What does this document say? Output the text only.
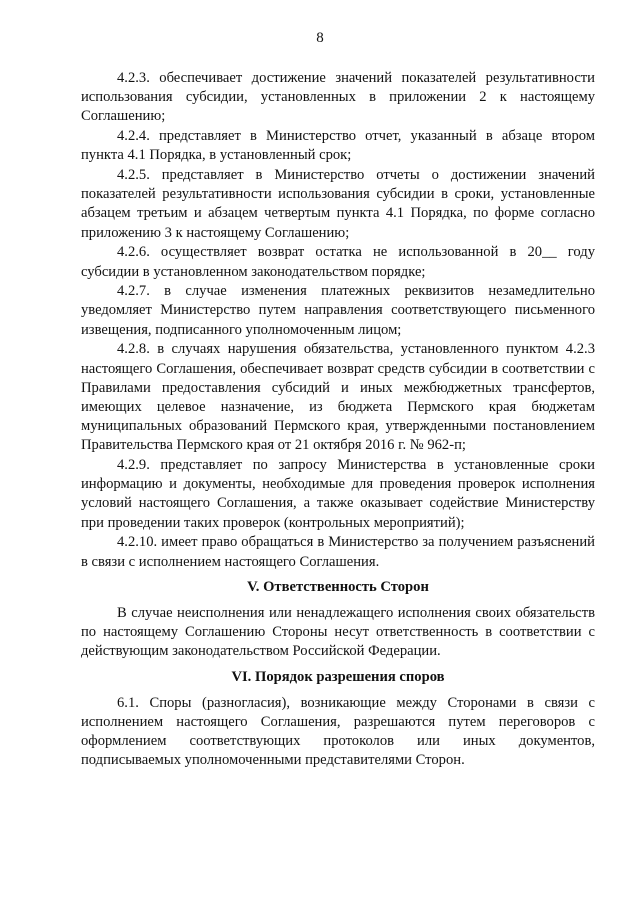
8

4.2.3. обеспечивает достижение значений показателей результативности использования субсидии, установленных в приложении 2 к настоящему Соглашению;

4.2.4. представляет в Министерство отчет, указанный в абзаце втором пункта 4.1 Порядка, в установленный срок;

4.2.5. представляет в Министерство отчеты о достижении значений показателей результативности использования субсидии в сроки, установленные абзацем третьим и абзацем четвертым пункта 4.1 Порядка, по форме согласно приложению 3 к настоящему Соглашению;

4.2.6. осуществляет возврат остатка не использованной в 20__ году субсидии в установленном законодательством порядке;

4.2.7. в случае изменения платежных реквизитов незамедлительно уведомляет Министерство путем направления соответствующего письменного извещения, подписанного уполномоченным лицом;

4.2.8. в случаях нарушения обязательства, установленного пунктом 4.2.3 настоящего Соглашения, обеспечивает возврат средств субсидии в соответствии с Правилами предоставления субсидий и иных межбюджетных трансфертов, имеющих целевое назначение, из бюджета Пермского края бюджетам муниципальных образований Пермского края, утвержденными постановлением Правительства Пермского края от 21 октября 2016 г. № 962-п;

4.2.9. представляет по запросу Министерства в установленные сроки информацию и документы, необходимые для проведения проверок исполнения условий настоящего Соглашения, а также оказывает содействие Министерству при проведении таких проверок (контрольных мероприятий);

4.2.10. имеет право обращаться в Министерство за получением разъяснений в связи с исполнением настоящего Соглашения.

V. Ответственность Сторон

В случае неисполнения или ненадлежащего исполнения своих обязательств по настоящему Соглашению Стороны несут ответственность в соответствии с действующим законодательством Российской Федерации.

VI. Порядок разрешения споров

6.1. Споры (разногласия), возникающие между Сторонами в связи с исполнением настоящего Соглашения, разрешаются путем переговоров с оформлением соответствующих протоколов или иных документов, подписываемых уполномоченными представителями Сторон.
